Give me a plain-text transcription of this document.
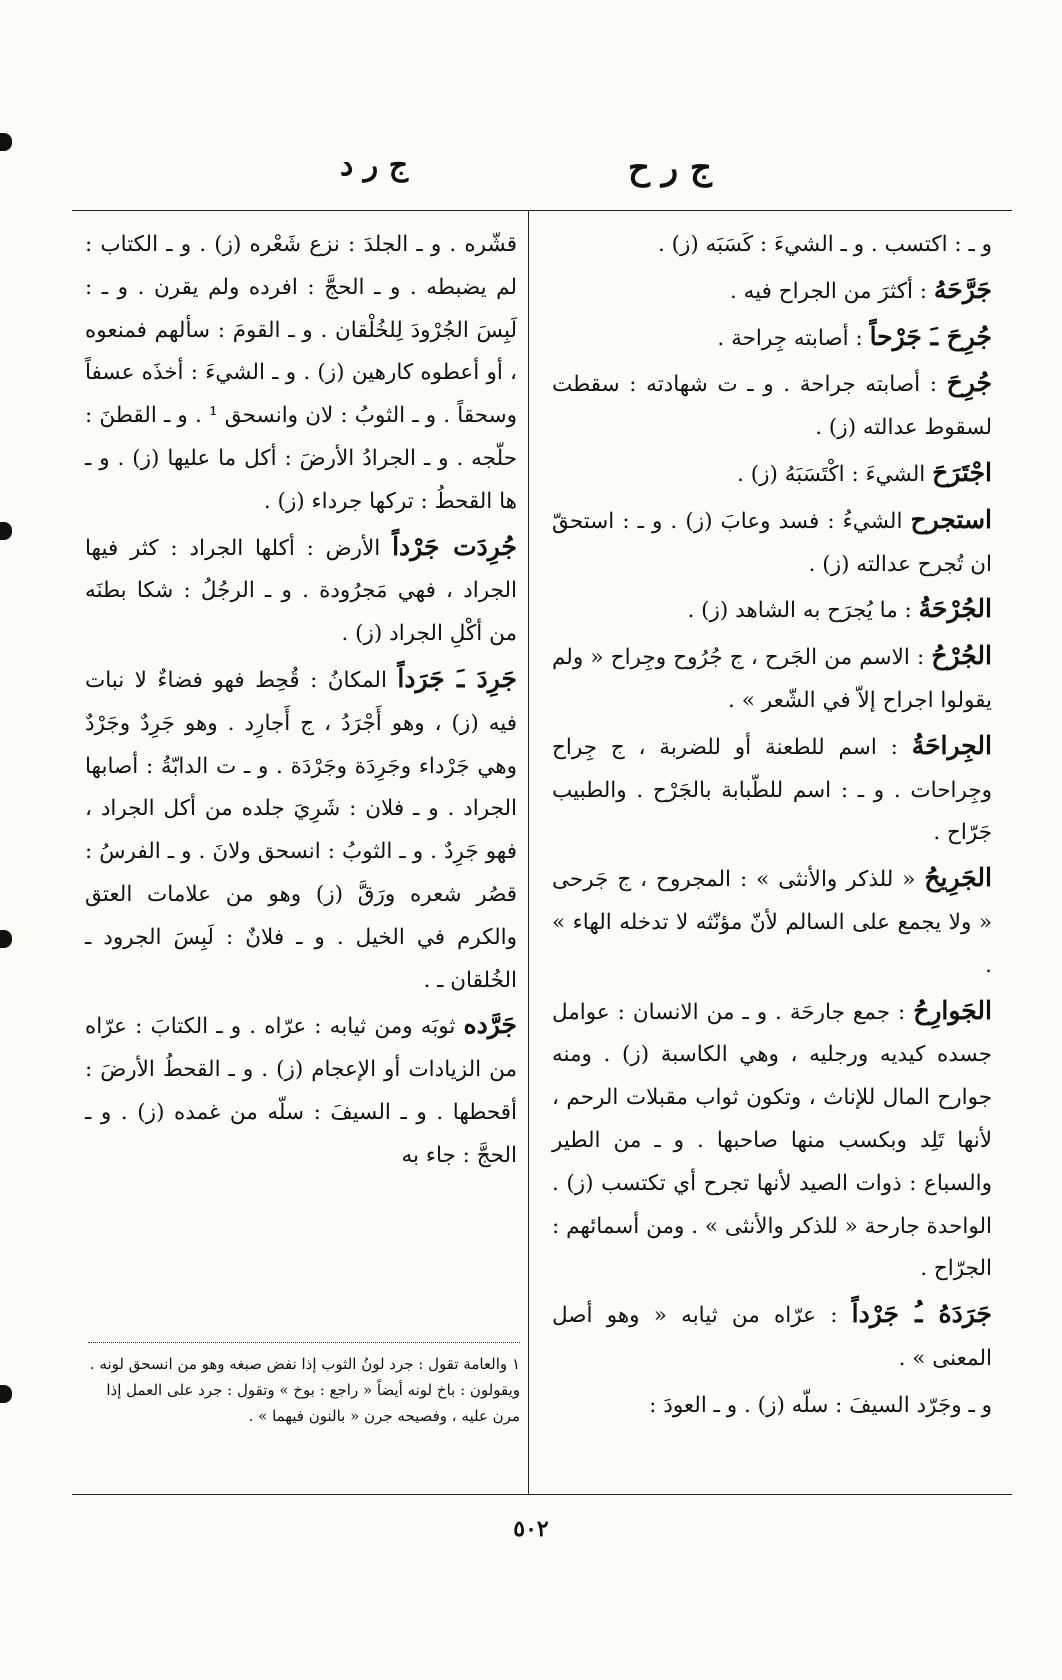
ج ر ح
ج ر د

و ـ : اكتسب . و ـ الشيءَ : كَسَبَه (ز) .

جَرَّحَهُ : أكثرَ من الجراح فيه .

جُرِحَ ـَ جَرْحاً : أصابته جِراحة .

جُرِحَ : أصابته جراحة . و ـ ت شهادته : سقطت لسقوط عدالته (ز) .

اجْتَرَحَ الشيءَ : اكْتَسَبَهُ (ز) .

استجرح الشيءُ : فسد وعابَ (ز) . و ـ : استحقّ ان تُجرح عدالته (ز) .

الجُرْحَةُ : ما يُجرَح به الشاهد (ز) .

الجُرْحُ : الاسم من الجَرح ، ج جُرُوح وجِراح « ولم يقولوا اجراح إلاّ في الشّعر » .

الجِراحَةُ : اسم للطعنة أو للضربة ، ج جِراح وجِراحات . و ـ : اسم للطّبابة بالجَرْح . والطبيب جَرّاح .

الجَرِيحُ « للذكر والأنثى » : المجروح ، ج جَرحى « ولا يجمع على السالم لأنّ مؤنّثه لا تدخله الهاء » .

الجَوارِحُ : جمع جارحَة . و ـ من الانسان : عوامل جسده كيديه ورجليه ، وهي الكاسبة (ز) . ومنه جوارح المال للإناث ، وتكون ثواب مقبلات الرحم ، لأنها تَلِد وبكسب منها صاحبها . و ـ من الطير والسباع : ذوات الصيد لأنها تجرح أي تكتسب (ز) . الواحدة جارحة « للذكر والأنثى » . ومن أسمائهم : الجرّاح .

جَرَدَهُ ـُ جَرْداً : عرّاه من ثيابه « وهو أصل المعنى » .

و ـ وجَرّد السيفَ : سلّه (ز) . و ـ العودَ :

قشّره . و ـ الجلدَ : نزع شَعْره (ز) . و ـ الكتاب : لم يضبطه . و ـ الحجَّ : افرده ولم يقرن . و ـ : لَبِسَ الجُرْودَ لِلخُلْقان . و ـ القومَ : سألهم فمنعوه ، أو أعطوه كارهين (ز) . و ـ الشيءَ : أخذَه عسفاً وسحقاً . و ـ الثوبُ : لان وانسحق ¹ . و ـ القطنَ : حلّجه . و ـ الجرادُ الأرضَ : أكل ما عليها (ز) . و ـ ها القحطُ : تركها جرداء (ز) .

جُرِدَت جَرْداً الأرض : أكلها الجراد : كثر فيها الجراد ، فهي مَجرُودة . و ـ الرجُلُ : شكا بطنَه من أكْلِ الجراد (ز) .

جَرِدَ ـَ جَرَداً المكانُ : قُحِط فهو فضاءٌ لا نبات فيه (ز) ، وهو أَجْرَدُ ، ج أَجارِد . وهو جَرِدٌ وجَرْدٌ وهي جَرْداء وجَرِدَة وجَرْدَة . و ـ ت الدابّةُ : أصابها الجراد . و ـ فلان : شَرِيَ جلده من أكل الجراد ، فهو جَرِدٌ . و ـ الثوبُ : انسحق ولانَ . و ـ الفرسُ : قصُر شعره ورَقَّ (ز) وهو من علامات العتق والكرم في الخيل . و ـ فلانٌ : لَبِسَ الجرود ـ الخُلقان ـ .

جَرَّده ثوبَه ومن ثيابه : عرّاه . و ـ الكتابَ : عرّاه من الزيادات أو الإعجام (ز) . و ـ القحطُ الأرضَ : أقحطها . و ـ السيفَ : سلّه من غمده (ز) . و ـ الحجَّ : جاء به

١ والعامة تقول : جرد لونُ الثوب إذا نفض صبغه وهو من انسحق لونه . ويقولون : باخ لونه أيضاً « راجع : بوخ » وتقول : جرد على العمل إذا مرن عليه ، وفصيحه جرن « بالنون فيهما » .
٥٠٢
